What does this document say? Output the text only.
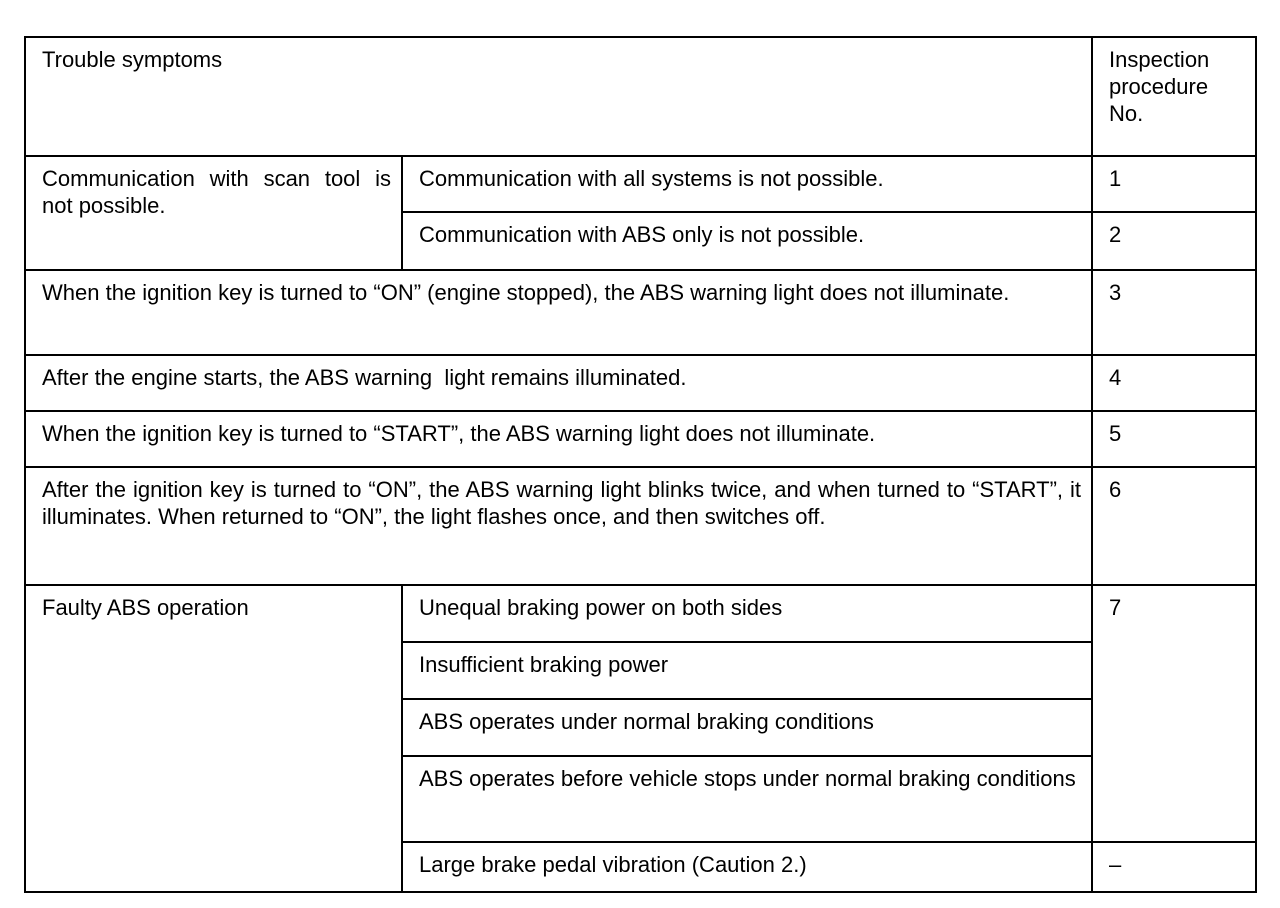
Trouble symptoms		Inspection procedure No.

Communication with scan tool is not possible.	Communication with all systems is not possible.	1
	Communication with ABS only is not possible.	2
When the ignition key is turned to “ON” (engine stopped), the ABS warning light does not illuminate.		3
After the engine starts, the ABS warning  light remains illuminated.		4
When the ignition key is turned to “START”, the ABS warning light does not illuminate.		5
After the ignition key is turned to “ON”, the ABS warning light blinks twice, and when turned to “START”, it illuminates. When returned to “ON”, the light flashes once, and then switches off.		6
Faulty ABS operation	Unequal braking power on both sides	7
	Insufficient braking power	
	ABS operates under normal braking conditions	
	ABS operates before vehicle stops under normal braking conditions	
	Large brake pedal vibration (Caution 2.)	–
